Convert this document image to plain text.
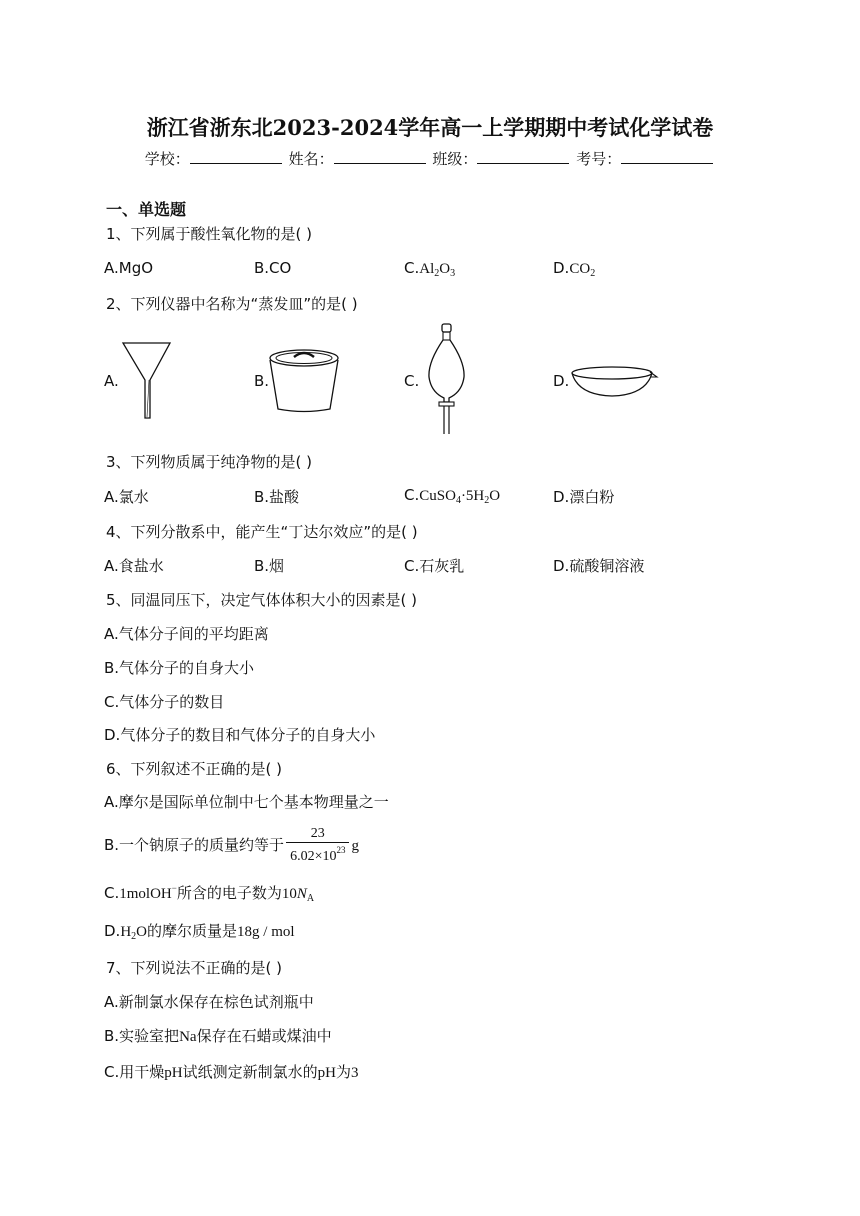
浙江省浙东北2023-2024学年高一上学期期中考试化学试卷
学校：	姓名：	班级：	考号：
一、单选题
1、下列属于酸性氧化物的是( )
A.MgO	B.CO	$C.Al_2O_3$	$D.CO_2$
2、下列仪器中名称为“蒸发皿”的是( )
A.	B.	C.	D.
3、下列物质属于纯净物的是( )
A.氯水	B.盐酸	$C.CuSO_4\cdot 5H_2O$	D.漂白粉
4、下列分散系中，能产生“丁达尔效应”的是( )
A.食盐水	B.烟	C.石灰乳	D.硫酸铜溶液
5、同温同压下，决定气体体积大小的因素是( )
A.气体分子间的平均距离
B.气体分子的自身大小
C.气体分子的数目
D.气体分子的数目和气体分子的自身大小
6、下列叙述不正确的是( )
A.摩尔是国际单位制中七个基本物理量之一
B.一个钠原子的质量约等于 $\frac{23}{6.02\times 10^{23}}$ g
C.1molOH−所含的电子数为$10N_A$
$D.H_2O$的摩尔质量是18g / mol
7、下列说法不正确的是( )
A.新制氯水保存在棕色试剂瓶中
B.实验室把Na保存在石蜡或煤油中
C.用干燥pH试纸测定新制氯水的pH为3
